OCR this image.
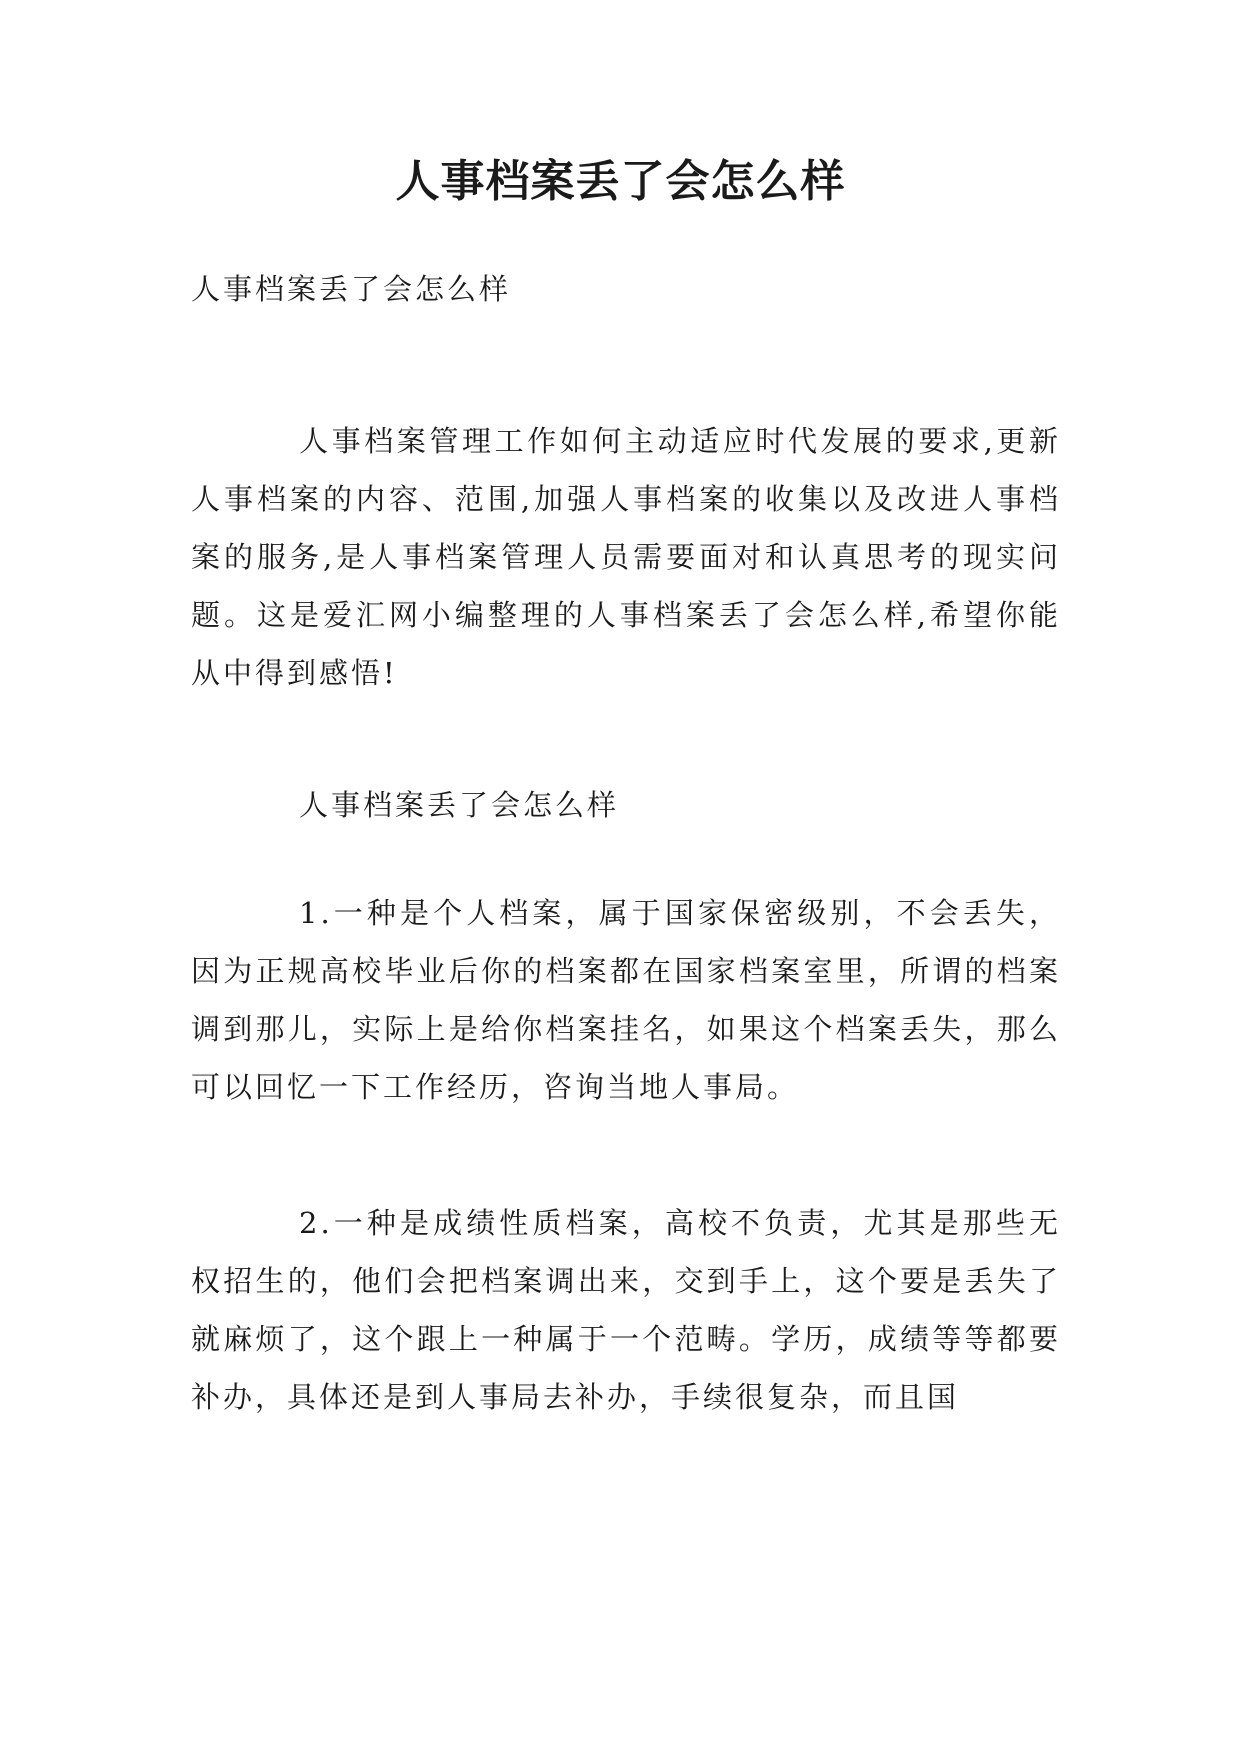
人事档案丢了会怎么样

人事档案丢了会怎么样

人事档案管理工作如何主动适应时代发展的要求,更新人事档案的内容、范围,加强人事档案的收集以及改进人事档案的服务,是人事档案管理人员需要面对和认真思考的现实问题。这是爱汇网小编整理的人事档案丢了会怎么样,希望你能从中得到感悟!

人事档案丢了会怎么样

1.一种是个人档案，属于国家保密级别，不会丢失，因为正规高校毕业后你的档案都在国家档案室里，所谓的档案调到那儿，实际上是给你档案挂名，如果这个档案丢失，那么可以回忆一下工作经历，咨询当地人事局。

2.一种是成绩性质档案，高校不负责，尤其是那些无权招生的，他们会把档案调出来，交到手上，这个要是丢失了就麻烦了，这个跟上一种属于一个范畴。学历，成绩等等都要补办，具体还是到人事局去补办，手续很复杂，而且国
